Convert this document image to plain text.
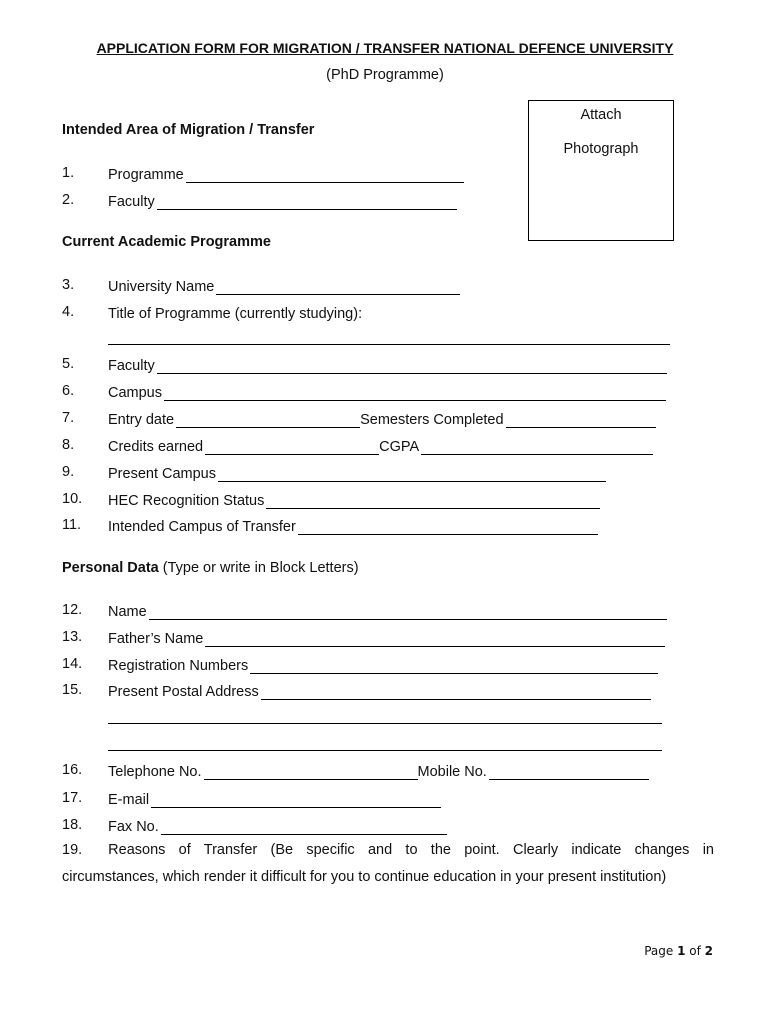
APPLICATION FORM FOR MIGRATION / TRANSFER NATIONAL DEFENCE UNIVERSITY
(PhD Programme)
Attach
Photograph
Intended Area of Migration / Transfer
1. Programme
2. Faculty
Current Academic Programme
3. University Name
4. Title of Programme (currently studying):
5. Faculty
6. Campus
7. Entry date	Semesters Completed
8. Credits earned	CGPA
9. Present Campus
10. HEC Recognition Status
11. Intended Campus of Transfer
Personal Data (Type or write in Block Letters)
12. Name
13. Father’s Name
14. Registration Numbers
15. Present Postal Address
16. Telephone No.	Mobile No.
17. E-mail
18. Fax No.
19. Reasons of Transfer (Be specific and to the point. Clearly indicate changes in
circumstances, which render it difficult for you to continue education in your present institution)
Page 1 of 2
